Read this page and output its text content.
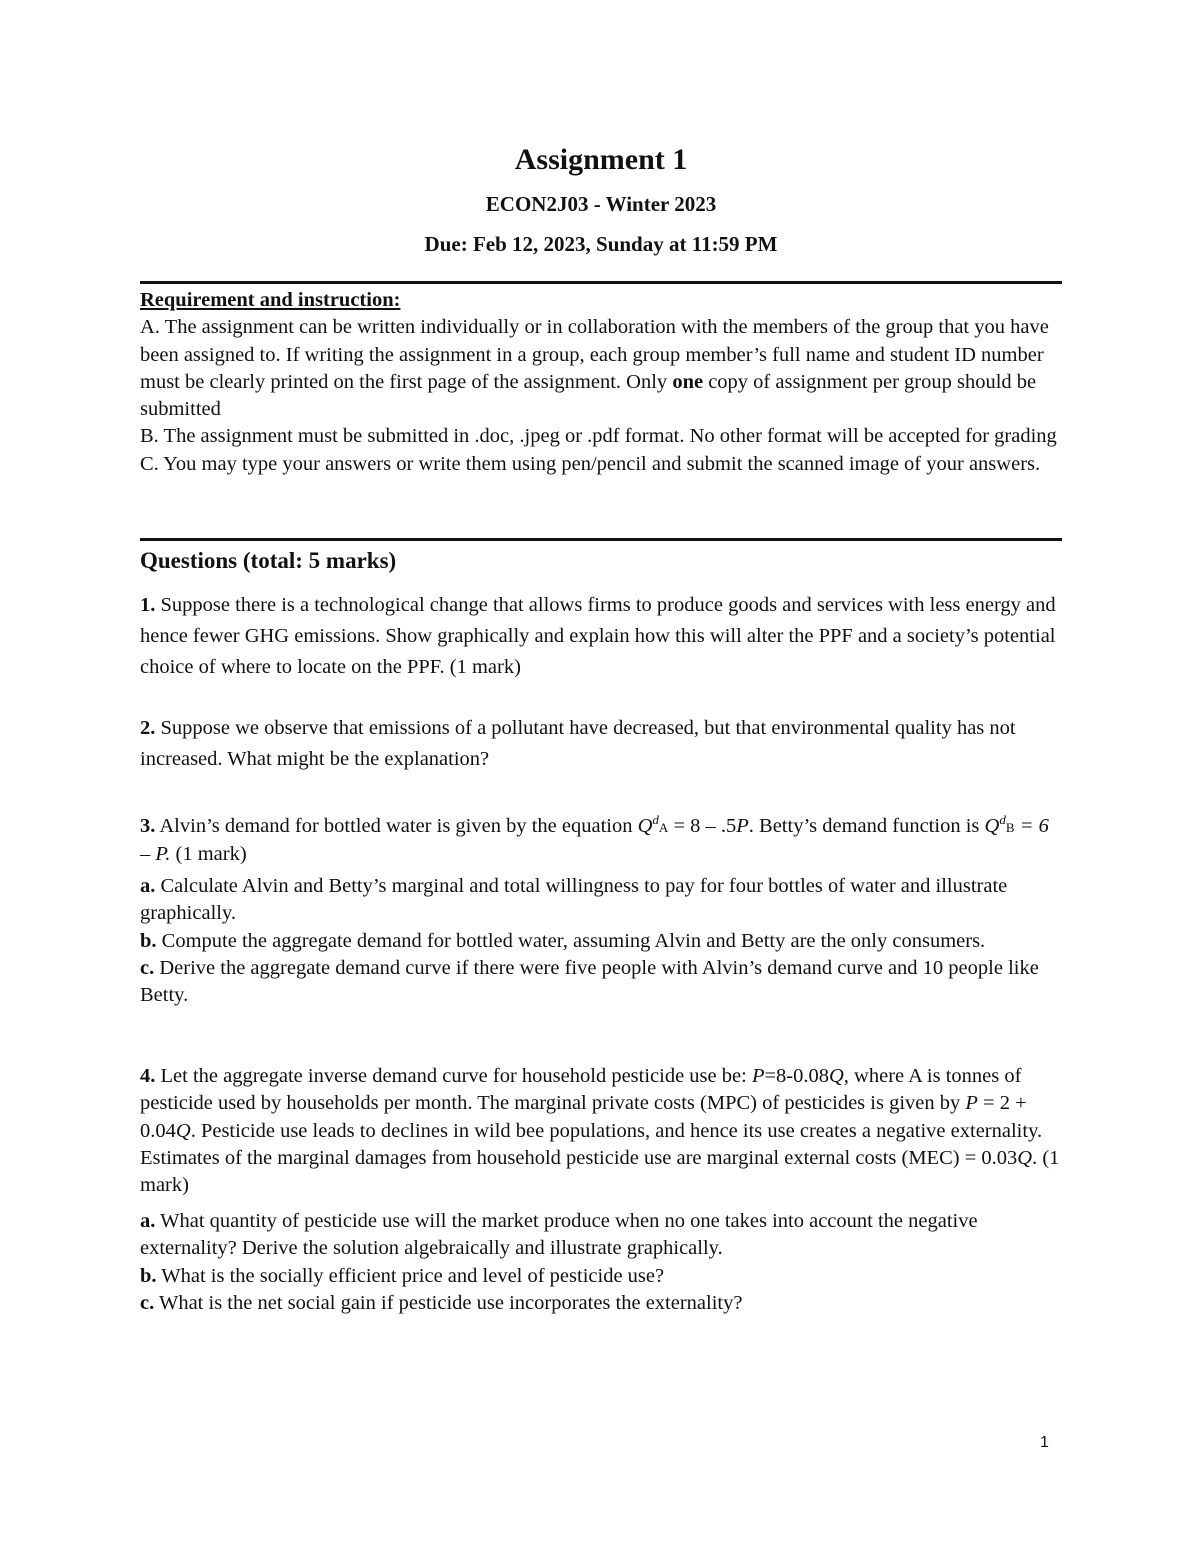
Assignment 1
ECON2J03 - Winter 2023
Due: Feb 12, 2023, Sunday at 11:59 PM

Requirement and instruction:

A. The assignment can be written individually or in collaboration with the members of the group that you have been assigned to. If writing the assignment in a group, each group member’s full name and student ID number must be clearly printed on the first page of the assignment. Only one copy of assignment per group should be submitted

B. The assignment must be submitted in .doc, .jpeg or .pdf format. No other format will be accepted for grading

C. You may type your answers or write them using pen/pencil and submit the scanned image of your answers.

Questions (total: 5 marks)

1. Suppose there is a technological change that allows firms to produce goods and services with less energy and hence fewer GHG emissions. Show graphically and explain how this will alter the PPF and a society’s potential choice of where to locate on the PPF. (1 mark)

2. Suppose we observe that emissions of a pollutant have decreased, but that environmental quality has not increased. What might be the explanation?

3. Alvin’s demand for bottled water is given by the equation $Q^dA = 8 - .5P$. Betty’s demand function is $Q^dB = 6 - P$. (1 mark)

a. Calculate Alvin and Betty’s marginal and total willingness to pay for four bottles of water and illustrate graphically.

b. Compute the aggregate demand for bottled water, assuming Alvin and Betty are the only consumers.

c. Derive the aggregate demand curve if there were five people with Alvin’s demand curve and 10 people like Betty.

4. Let the aggregate inverse demand curve for household pesticide use be: P=8-0.08Q, where A is tonnes of pesticide used by households per month. The marginal private costs (MPC) of pesticides is given by P = 2 + 0.04Q. Pesticide use leads to declines in wild bee populations, and hence its use creates a negative externality. Estimates of the marginal damages from household pesticide use are marginal external costs (MEC) = 0.03Q. (1 mark)

a. What quantity of pesticide use will the market produce when no one takes into account the negative externality? Derive the solution algebraically and illustrate graphically.

b. What is the socially efficient price and level of pesticide use?

c. What is the net social gain if pesticide use incorporates the externality?

1
